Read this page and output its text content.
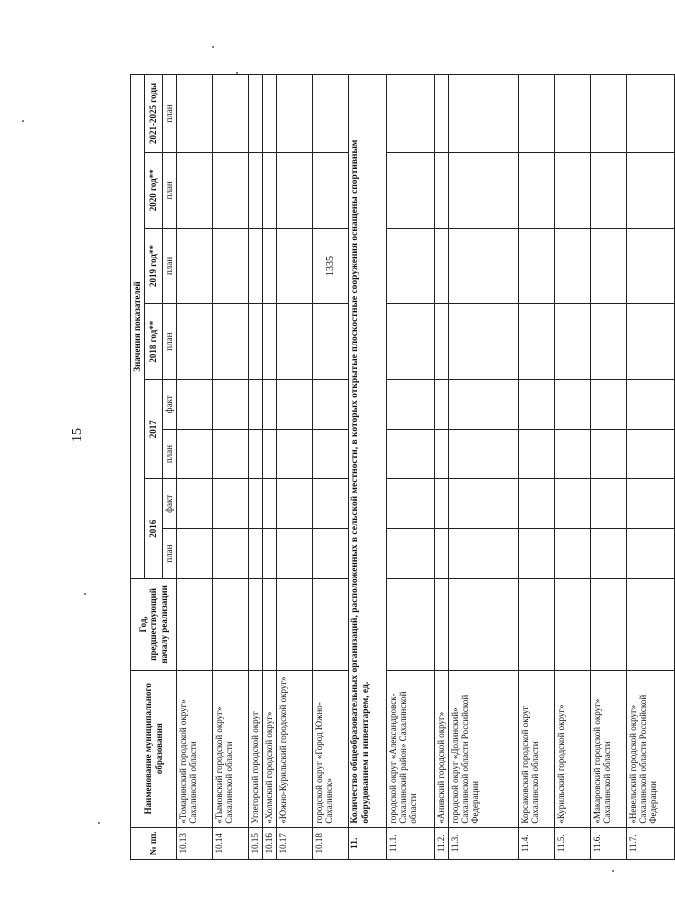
15
№ пп.	Наименование муниципального образования	Год, предшествующий началу реализации	Значения показателей							
			2016		2017		2018 год**	2019 год**	2020 год**	2021-2025 годы
			план	факт	план	факт	план	план	план	план
10.13	«Томаринский городской округ» Сахалинской области									
10.14	«Тымовский городской округ» Сахалинской области									
10.15	Углегорский городской округ									
10.16	«Холмский городской округ»									
10.17	«Южно-Курильский городской округ»									
10.18	городской округ «Город Южно-Сахалинск»							1335		
11.	Количество общеобразовательных организаций, расположенных в сельской местности, в которых открытые плоскостные сооружения оснащены спортивным оборудованием и инвентарем, ед.									
11.1.	городской округ «Александровск-Сахалинский район» Сахалинской области									
11.2.	«Анивский городской округ»									
11.3.	городской округ «Долинский» Сахалинской области Российской Федерации									
11.4.	Корсаковский городской округ Сахалинской области									
11.5.	«Курильский городской округ»									
11.6.	«Макаровский городской округ» Сахалинской области									
11.7.	«Невельский городской округ» Сахалинской области Российской Федерации									
